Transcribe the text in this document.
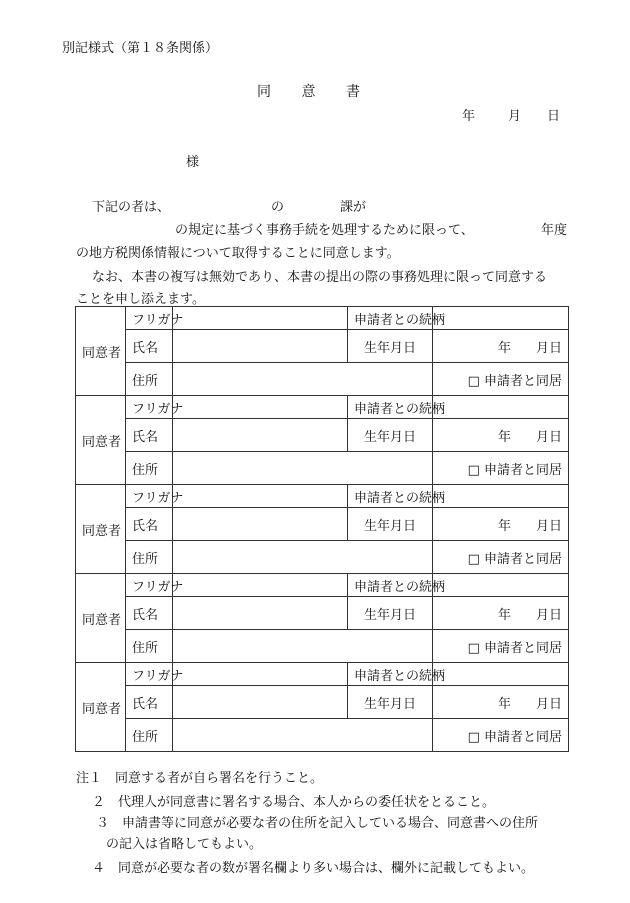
別記様式（第１８条関係）
同 意 書
年	月 日
様
下記の者は、	の	課が
の規定に基づく事務手続を処理するために限って、	年度
の地方税関係情報について取得することに同意します。
なお、本書の複写は無効であり、本書の提出の際の事務処理に限って同意する
ことを申し添えます。
同意者	フリガナ		申請者との続柄	
	氏名		生年月日	年 月日
	住所			□ 申請者と同居
同意者	フリガナ		申請者との続柄	
	氏名		生年月日	年 月日
	住所			□ 申請者と同居
同意者	フリガナ		申請者との続柄	
	氏名		生年月日	年 月日
	住所			□ 申請者と同居
同意者	フリガナ		申請者との続柄	
	氏名		生年月日	年 月日
	住所			□ 申請者と同居
同意者	フリガナ		申請者との続柄	
	氏名		生年月日	年 月日
	住所			□ 申請者と同居
注１　同意する者が自ら署名を行うこと。
２　代理人が同意書に署名する場合、本人からの委任状をとること。
３　申請書等に同意が必要な者の住所を記入している場合、同意書への住所
の記入は省略してもよい。
４　同意が必要な者の数が署名欄より多い場合は、欄外に記載してもよい。
